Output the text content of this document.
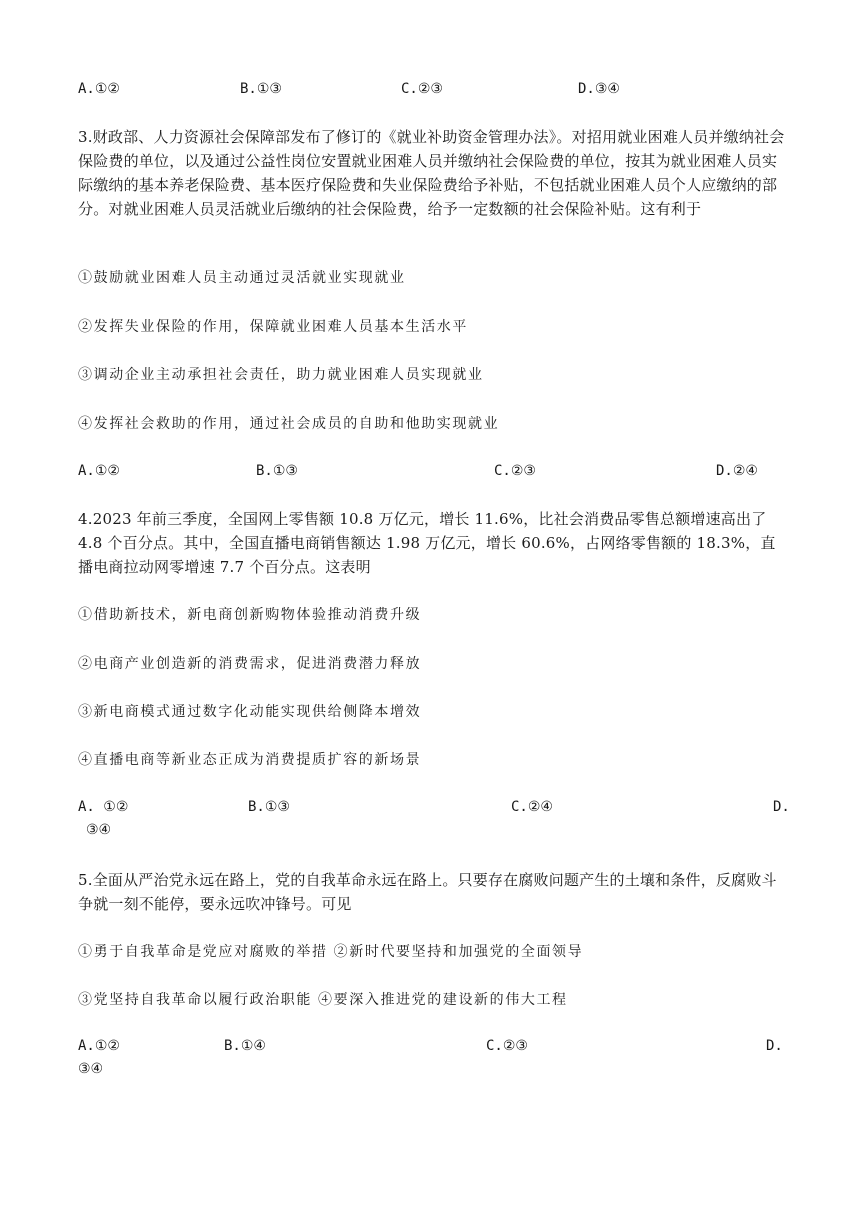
A.①②	B.①③	C.②③	D.③④
3.财政部、人力资源社会保障部发布了修订的《就业补助资金管理办法》。对招用就业困难人员并缴纳社会保险费的单位，以及通过公益性岗位安置就业困难人员并缴纳社会保险费的单位，按其为就业困难人员实际缴纳的基本养老保险费、基本医疗保险费和失业保险费给予补贴，不包括就业困难人员个人应缴纳的部分。对就业困难人员灵活就业后缴纳的社会保险费，给予一定数额的社会保险补贴。这有利于
①鼓励就业困难人员主动通过灵活就业实现就业
②发挥失业保险的作用，保障就业困难人员基本生活水平
③调动企业主动承担社会责任，助力就业困难人员实现就业
④发挥社会救助的作用，通过社会成员的自助和他助实现就业
A.①②	B.①③	C.②③	D.②④
4.2023 年前三季度，全国网上零售额 10.8 万亿元，增长 11.6%，比社会消费品零售总额增速高出了 4.8 个百分点。其中，全国直播电商销售额达 1.98 万亿元，增长 60.6%，占网络零售额的 18.3%，直播电商拉动网零增速 7.7 个百分点。这表明
①借助新技术，新电商创新购物体验推动消费升级
②电商产业创造新的消费需求，促进消费潜力释放
③新电商模式通过数字化动能实现供给侧降本增效
④直播电商等新业态正成为消费提质扩容的新场景
A. ①②	B.①③	C.②④	D.
③④
5.全面从严治党永远在路上，党的自我革命永远在路上。只要存在腐败问题产生的土壤和条件，反腐败斗争就一刻不能停，要永远吹冲锋号。可见
①勇于自我革命是党应对腐败的举措 ②新时代要坚持和加强党的全面领导
③党坚持自我革命以履行政治职能 ④要深入推进党的建设新的伟大工程
A.①②	B.①④	C.②③	D.
③④
